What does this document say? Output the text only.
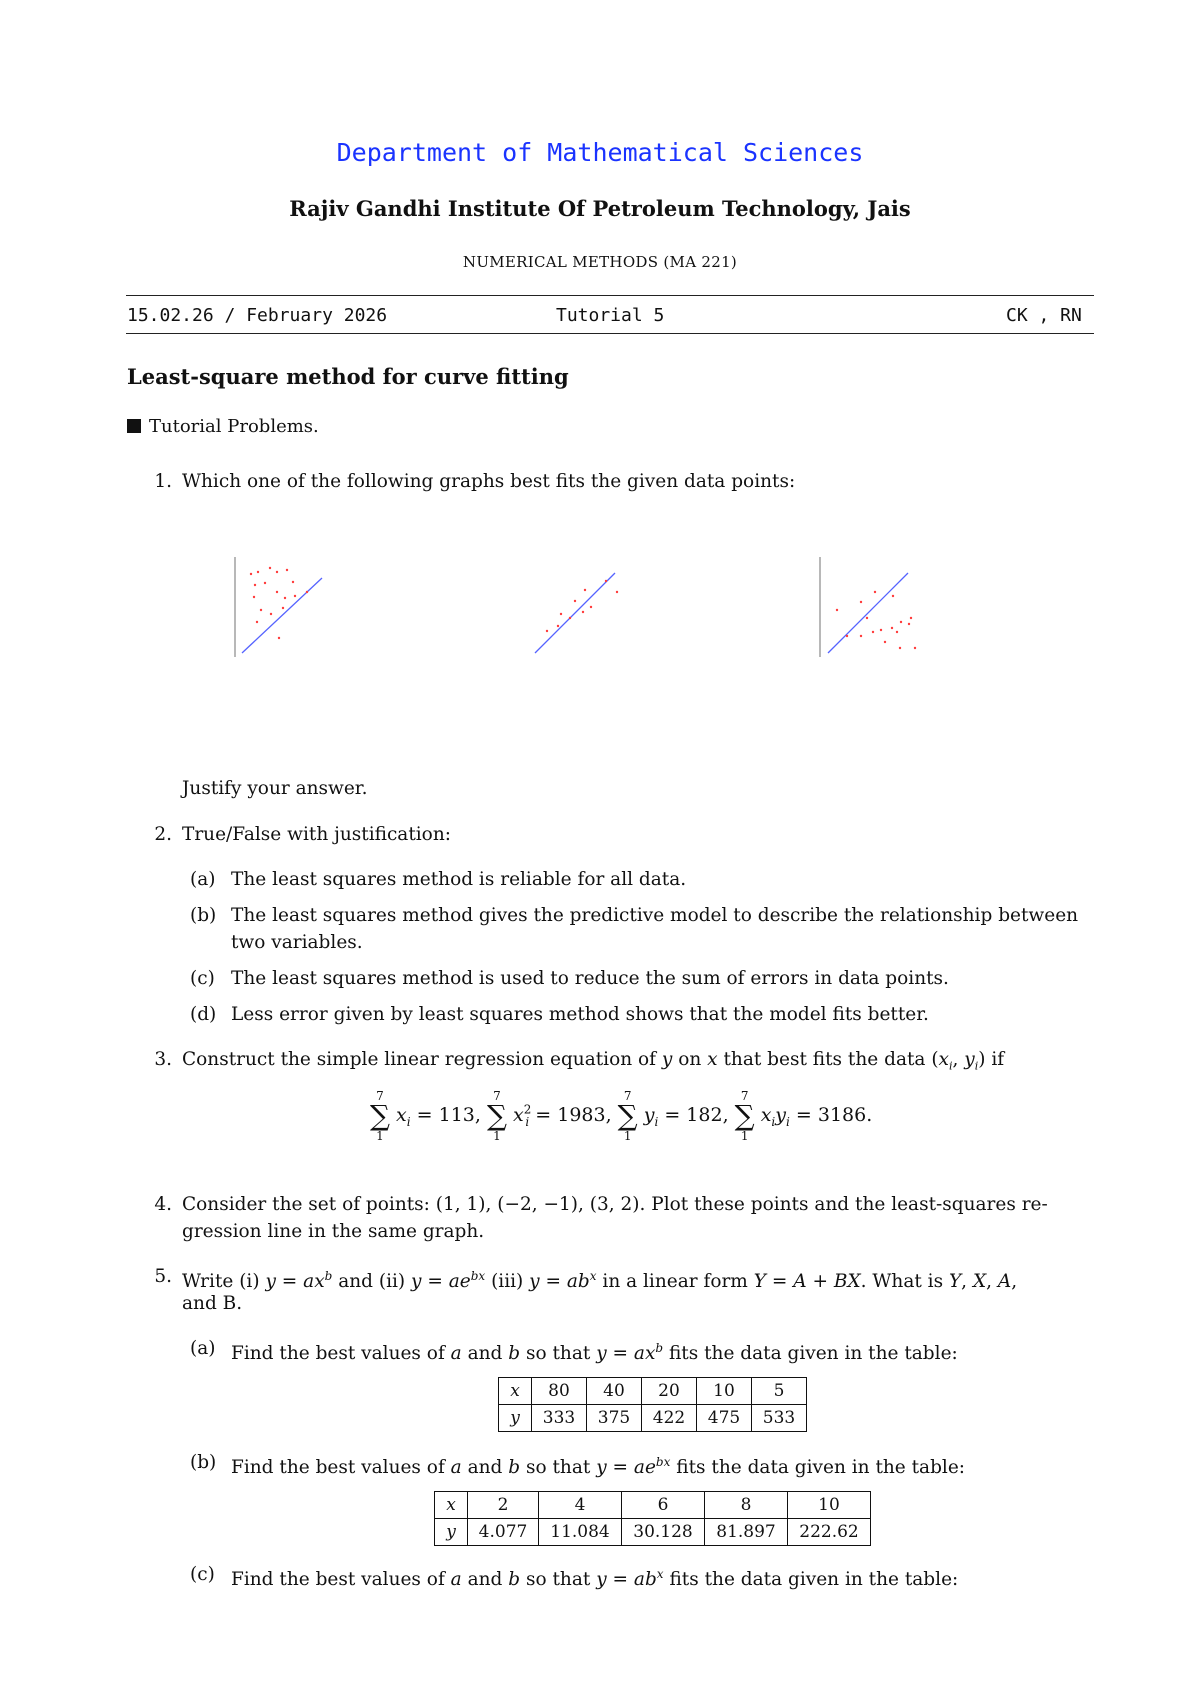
Department of Mathematical Sciences
Rajiv Gandhi Institute Of Petroleum Technology, Jais
NUMERICAL METHODS (MA 221)
15.02.26 / February 2026	Tutorial 5	CK , RN
Least-square method for curve fitting
Tutorial Problems.
1. Which one of the following graphs best fits the given data points:
Justify your answer.
2. True/False with justification:
(a) The least squares method is reliable for all data.
(b) The least squares method gives the predictive model to describe the relationship between
two variables.
(c) The least squares method is used to reduce the sum of errors in data points.
(d) Less error given by least squares method shows that the model fits better.
3. Construct the simple linear regression equation of y on x that best fits the data ($x_i$, $y_i$) if
7
∑
1
$x_i = 113$,
7
∑
1
$x^2_i = 1983$,
7
∑
1
$y_i = 182$,
7
∑
1
$x_iy_i = 3186$.
4. Consider the set of points: (1, 1), (−2, −1), (3, 2). Plot these points and the least-squares re-
gression line in the same graph.
5. Write (i) $y = ax^b$ and (ii) $y = ae^{bx}$ (iii) $y = ab^x$ in a linear form Y = A + BX. What is Y, X, A,
and B.
(a) Find the best values of a and b so that $y = ax^b$ fits the data given in the table:
x	80	40	20	10	5
y	333	375	422	475	533
(b) Find the best values of a and b so that $y = ae^{bx}$ fits the data given in the table:
x	2	4	6	8	10
y	4.077	11.084	30.128	81.897	222.62
(c) Find the best values of a and b so that $y = ab^x$ fits the data given in the table:
